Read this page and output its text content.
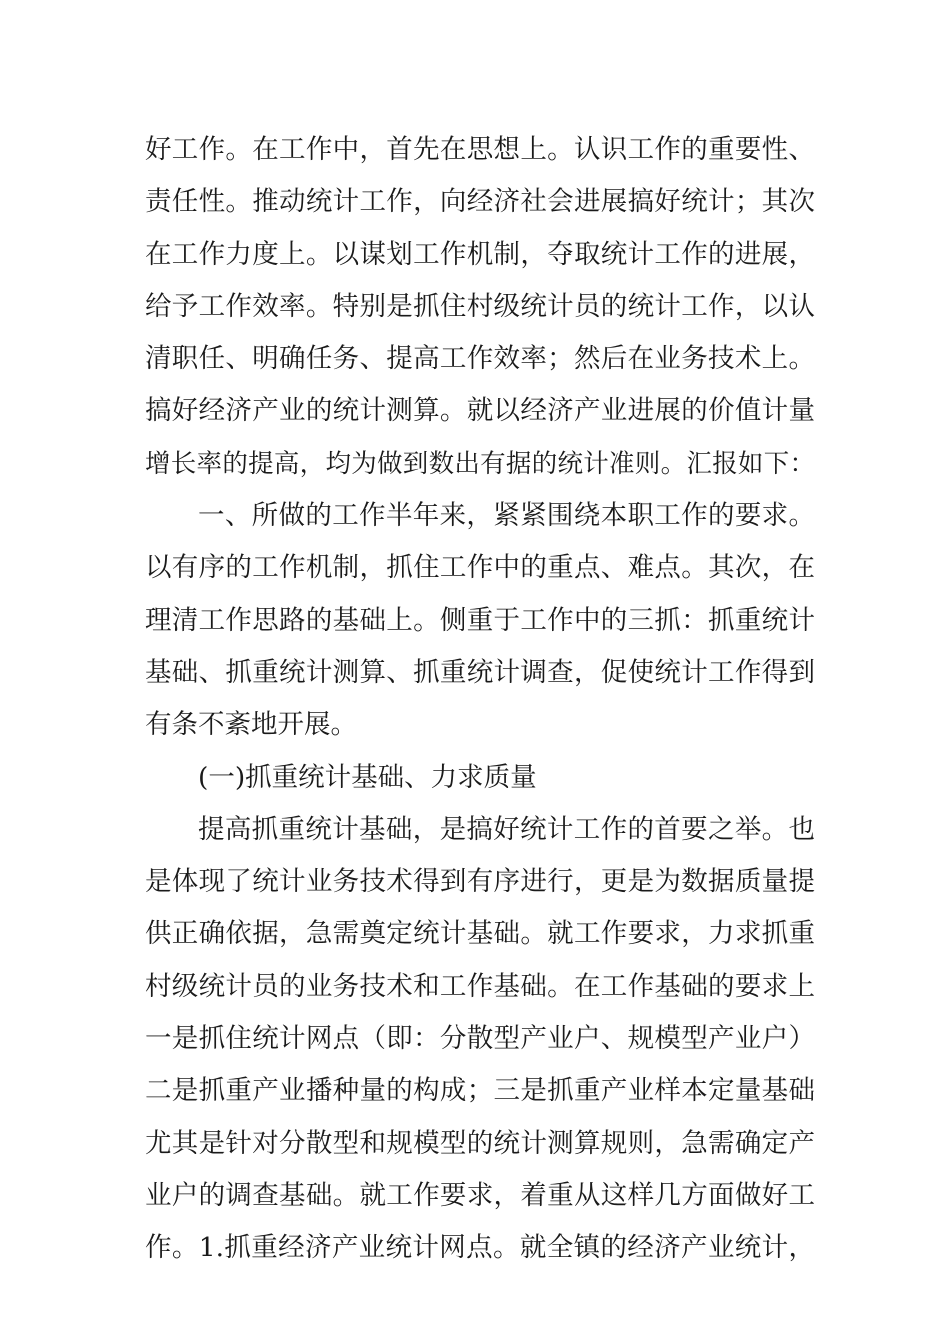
好工作。在工作中，首先在思想上。认识工作的重要性、
责任性。推动统计工作，向经济社会进展搞好统计；其次
在工作力度上。以谋划工作机制，夺取统计工作的进展，
给予工作效率。特别是抓住村级统计员的统计工作，以认
清职任、明确任务、提高工作效率；然后在业务技术上。
搞好经济产业的统计测算。就以经济产业进展的价值计量
增长率的提高，均为做到数出有据的统计准则。汇报如下：
一、所做的工作半年来，紧紧围绕本职工作的要求。
以有序的工作机制，抓住工作中的重点、难点。其次，在
理清工作思路的基础上。侧重于工作中的三抓：抓重统计
基础、抓重统计测算、抓重统计调查，促使统计工作得到
有条不紊地开展。
(一)抓重统计基础、力求质量
提高抓重统计基础，是搞好统计工作的首要之举。也
是体现了统计业务技术得到有序进行，更是为数据质量提
供正确依据，急需奠定统计基础。就工作要求，力求抓重
村级统计员的业务技术和工作基础。在工作基础的要求上
一是抓住统计网点（即：分散型产业户、规模型产业户）
二是抓重产业播种量的构成；三是抓重产业样本定量基础
尤其是针对分散型和规模型的统计测算规则，急需确定产
业户的调查基础。就工作要求，着重从这样几方面做好工
作。1.抓重经济产业统计网点。就全镇的经济产业统计，
